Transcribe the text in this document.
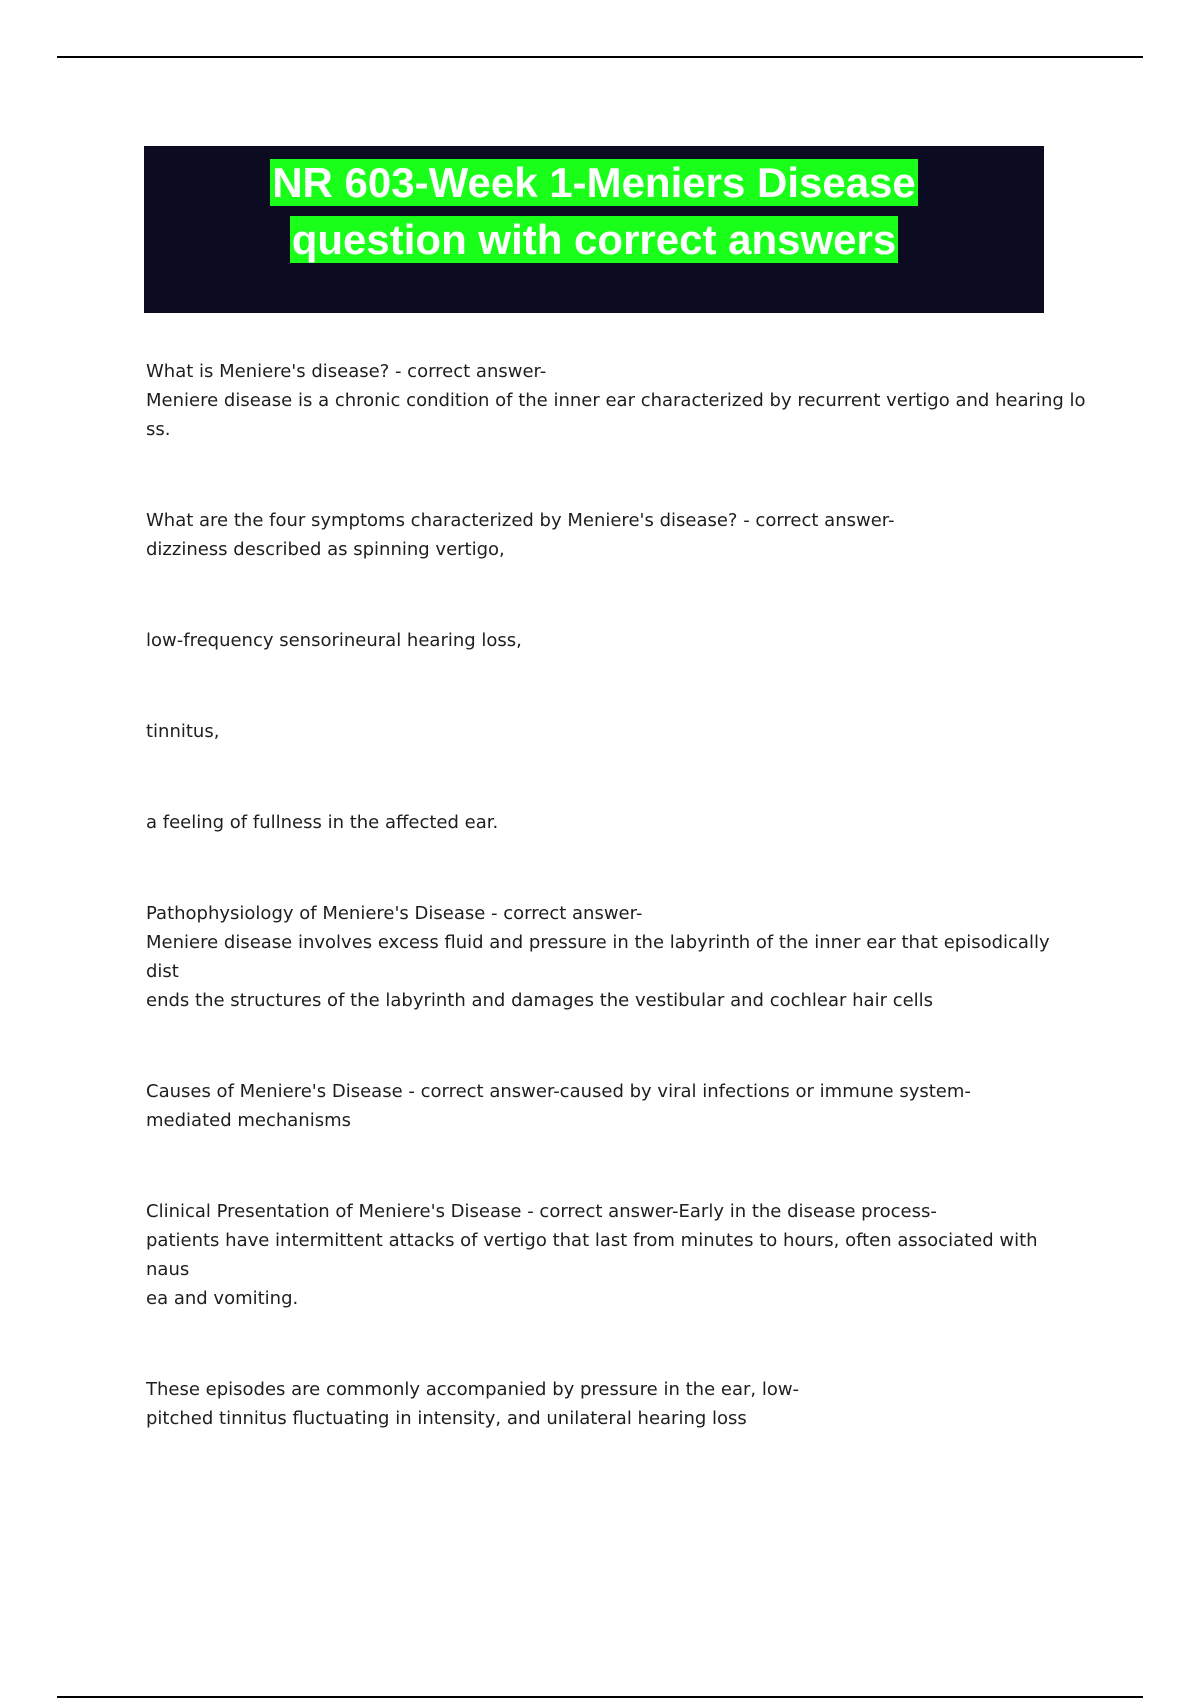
NR 603-Week 1-Meniers Disease
question with correct answers

What is Meniere's disease? - correct answer-
Meniere disease is a chronic condition of the inner ear characterized by recurrent vertigo and hearing lo
ss.

What are the four symptoms characterized by Meniere's disease? - correct answer-
dizziness described as spinning vertigo,

low-frequency sensorineural hearing loss,

tinnitus,

a feeling of fullness in the affected ear.

Pathophysiology of Meniere's Disease - correct answer-
Meniere disease involves excess fluid and pressure in the labyrinth of the inner ear that episodically dist
ends the structures of the labyrinth and damages the vestibular and cochlear hair cells

Causes of Meniere's Disease - correct answer-caused by viral infections or immune system-
mediated mechanisms

Clinical Presentation of Meniere's Disease - correct answer-Early in the disease process-
patients have intermittent attacks of vertigo that last from minutes to hours, often associated with naus
ea and vomiting.

These episodes are commonly accompanied by pressure in the ear, low-
pitched tinnitus fluctuating in intensity, and unilateral hearing loss
